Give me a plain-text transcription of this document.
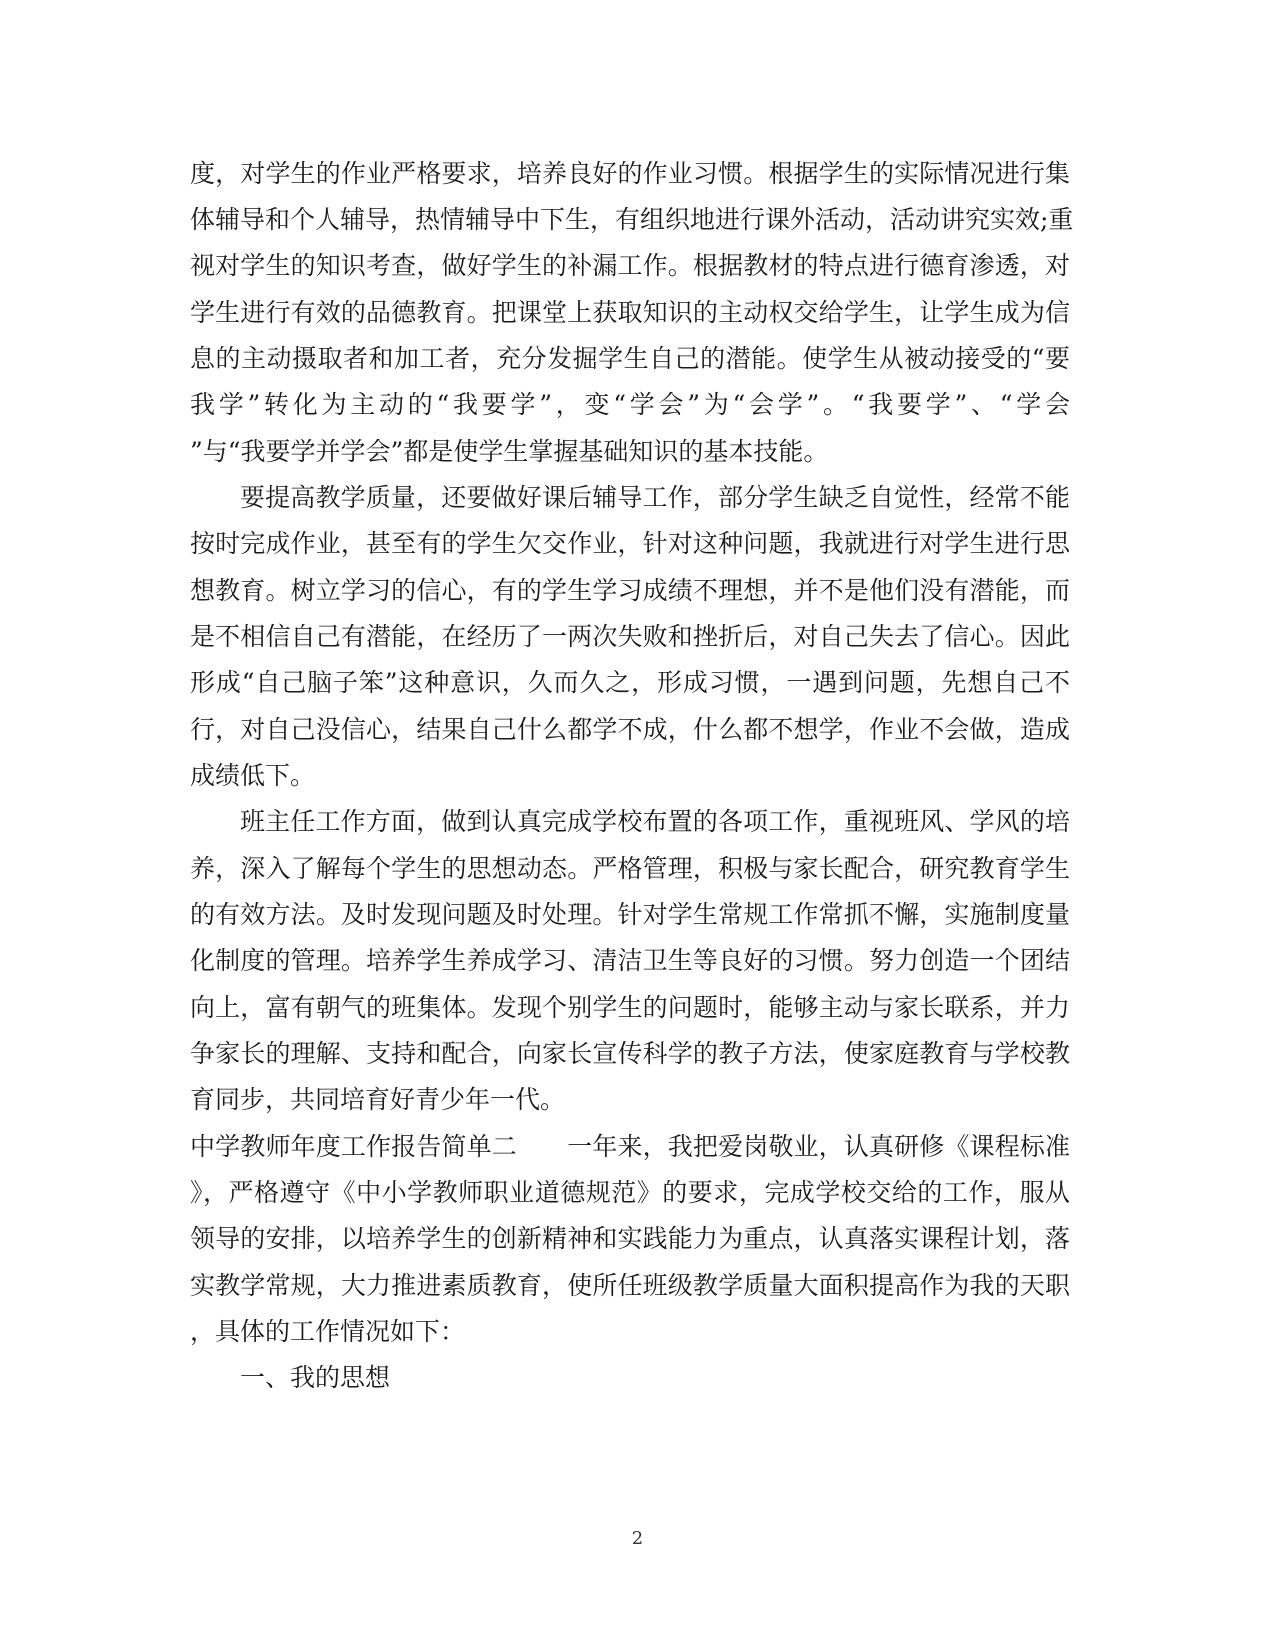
度，对学生的作业严格要求，培养良好的作业习惯。根据学生的实际情况进行集
体辅导和个人辅导，热情辅导中下生，有组织地进行课外活动，活动讲究实效;重
视对学生的知识考查，做好学生的补漏工作。根据教材的特点进行德育渗透，对
学生进行有效的品德教育。把课堂上获取知识的主动权交给学生，让学生成为信
息的主动摄取者和加工者，充分发掘学生自己的潜能。使学生从被动接受的“要
我学”转化为主动的“我要学”，变“学会”为“会学”。“我要学”、“学会
”与“我要学并学会”都是使学生掌握基础知识的基本技能。
要提高教学质量，还要做好课后辅导工作，部分学生缺乏自觉性，经常不能
按时完成作业，甚至有的学生欠交作业，针对这种问题，我就进行对学生进行思
想教育。树立学习的信心，有的学生学习成绩不理想，并不是他们没有潜能，而
是不相信自己有潜能，在经历了一两次失败和挫折后，对自己失去了信心。因此
形成“自己脑子笨”这种意识，久而久之，形成习惯，一遇到问题，先想自己不
行，对自己没信心，结果自己什么都学不成，什么都不想学，作业不会做，造成
成绩低下。
班主任工作方面，做到认真完成学校布置的各项工作，重视班风、学风的培
养，深入了解每个学生的思想动态。严格管理，积极与家长配合，研究教育学生
的有效方法。及时发现问题及时处理。针对学生常规工作常抓不懈，实施制度量
化制度的管理。培养学生养成学习、清洁卫生等良好的习惯。努力创造一个团结
向上，富有朝气的班集体。发现个别学生的问题时，能够主动与家长联系，并力
争家长的理解、支持和配合，向家长宣传科学的教子方法，使家庭教育与学校教
育同步，共同培育好青少年一代。
中学教师年度工作报告简单二　　一年来，我把爱岗敬业，认真研修《课程标准
》，严格遵守《中小学教师职业道德规范》的要求，完成学校交给的工作，服从
领导的安排，以培养学生的创新精神和实践能力为重点，认真落实课程计划，落
实教学常规，大力推进素质教育，使所任班级教学质量大面积提高作为我的天职
，具体的工作情况如下：
一、我的思想
2
